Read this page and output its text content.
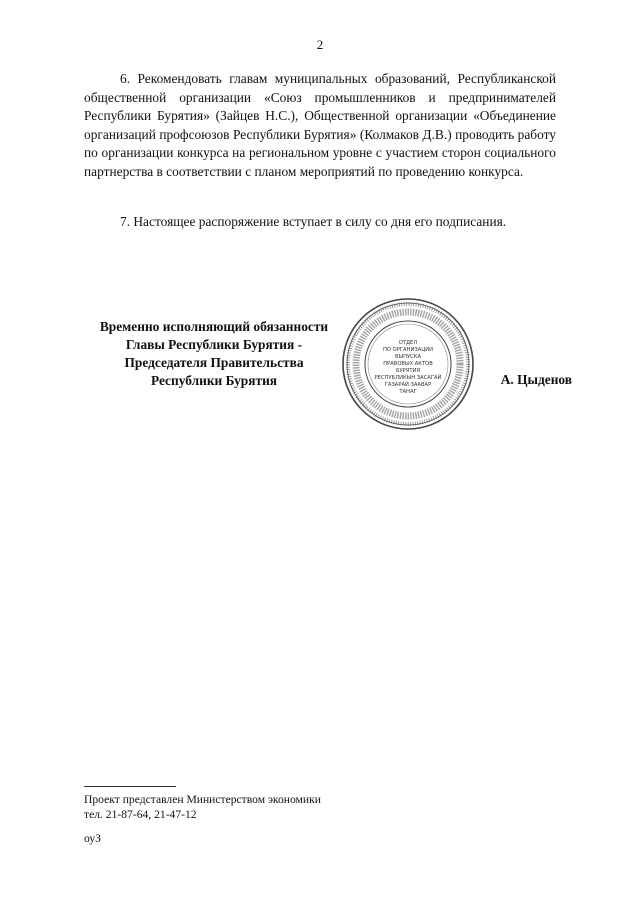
2

6. Рекомендовать главам муниципальных образований, Республиканской общественной организации «Союз промышленников и предпринимателей Республики Бурятия» (Зайцев Н.С.), Общественной организации «Объединение организаций профсоюзов Республики Бурятия» (Колмаков Д.В.) проводить работу по организации конкурса на региональном уровне с участием сторон социального партнерства в соответствии с планом мероприятий по проведению конкурса.

7. Настоящее распоряжение вступает в силу со дня его подписания.

Временно исполняющий обязанности
Главы Республики Бурятия -
Председателя Правительства
Республики Бурятия
ОТДЕЛ
ПО ОРГАНИЗАЦИИ
ВЫПУСКА
ПРАВОВЫХ АКТОВ
БУРЯТИЯ
РЕСПУБЛИКЫН ЗАСАГАЙ
ГАЗАРАЙ ЗААВАР
ТАНАГ
А. Цыденов
Проект представлен Министерством экономики
тел. 21-87-64, 21-47-12
оуЗ
